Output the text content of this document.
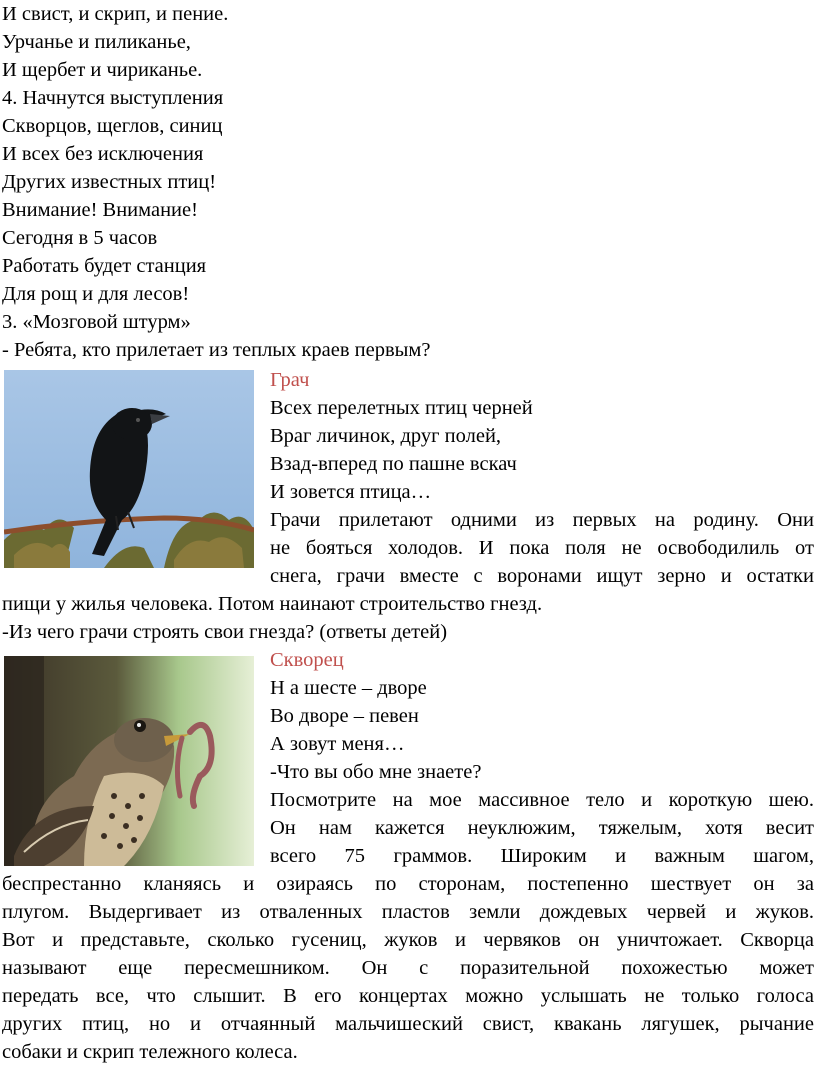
И свист, и скрип, и пение.

Урчанье и пиликанье,

И щербет и чириканье.

4. Начнутся выступления

Скворцов, щеглов, синиц

И всех без исключения

Других известных птиц!

Внимание! Внимание!

Сегодня в 5 часов

Работать будет станция

Для рощ и для лесов!

3. «Мозговой штурм»

- Ребята, кто прилетает из теплых краев первым?

Грач

Всех перелетных птиц черней

Враг личинок, друг полей,

Взад-вперед по пашне вскач

И зовется птица…

Грачи прилетают одними из первых на родину. Они

не бояться холодов. И пока поля не освободилиль от

снега, грачи вместе с воронами ищут зерно и остатки

пищи у жилья человека. Потом наинают строительство гнезд.

-Из чего грачи строять свои гнезда? (ответы детей)

Скворец

Н а шесте – дворе

Во дворе – певен

А зовут меня…

-Что вы обо мне знаете?

Посмотрите на мое массивное тело и короткую шею.

Он нам кажется неуклюжим, тяжелым, хотя весит

всего 75 граммов. Широким и важным шагом,

беспрестанно кланяясь и озираясь по сторонам, постепенно шествует он за

плугом. Выдергивает из отваленных пластов земли дождевых червей и жуков.

Вот и представьте, сколько гусениц, жуков и червяков он уничтожает. Скворца

называют еще пересмешником. Он с поразительной похожестью может

передать все, что слышит. В его концертах можно услышать не только голоса

других птиц, но и отчаянный мальчишеский свист, квакань лягушек, рычание

собаки и скрип тележного колеса.
